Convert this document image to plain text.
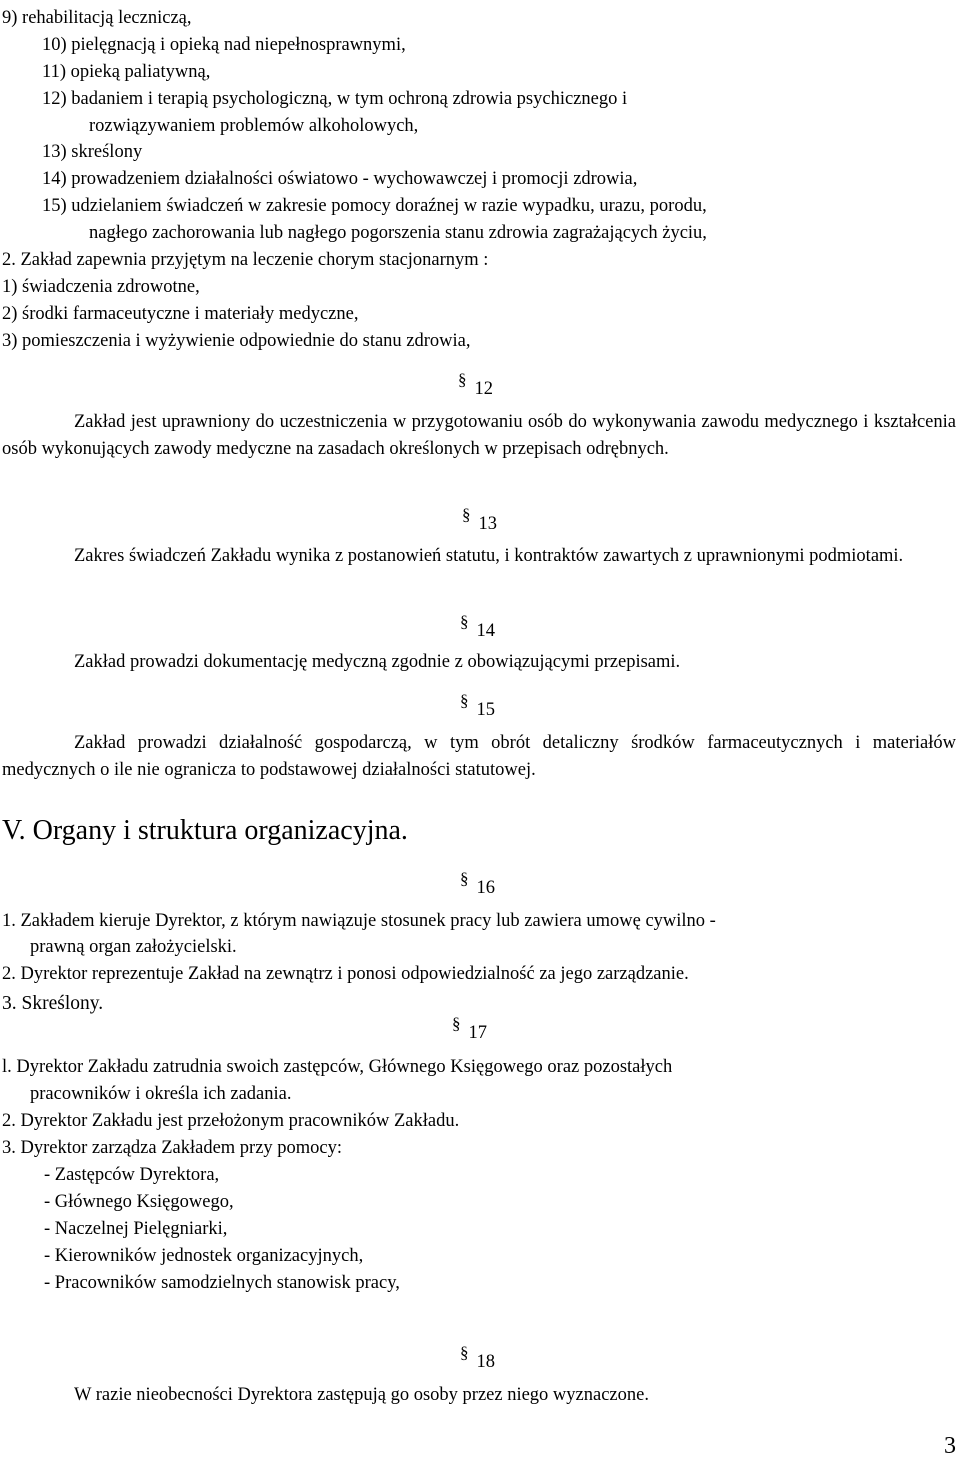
9) rehabilitacją leczniczą,

10) pielęgnacją i opieką nad niepełnosprawnymi,

11) opieką paliatywną,

12) badaniem i terapią psychologiczną, w tym ochroną zdrowia psychicznego i

rozwiązywaniem problemów alkoholowych,

13) skreślony

14) prowadzeniem działalności oświatowo - wychowawczej i promocji zdrowia,

15) udzielaniem świadczeń w zakresie pomocy doraźnej w razie wypadku, urazu, porodu,

nagłego zachorowania lub nagłego pogorszenia stanu zdrowia zagrażających życiu,

2. Zakład zapewnia przyjętym na leczenie chorym stacjonarnym :

1) świadczenia zdrowotne,

2) środki farmaceutyczne i materiały medyczne,

3) pomieszczenia i wyżywienie odpowiednie do stanu zdrowia,

§ 12

Zakład jest uprawniony do uczestniczenia w przygotowaniu osób do wykonywania zawodu medycznego i kształcenia osób wykonujących zawody medyczne na zasadach określonych w przepisach odrębnych.

§ 13

Zakres świadczeń Zakładu wynika z postanowień statutu, i kontraktów zawartych z uprawnionymi podmiotami.

§ 14

Zakład prowadzi dokumentację medyczną zgodnie z obowiązującymi przepisami.

§ 15

Zakład prowadzi działalność gospodarczą, w tym obrót detaliczny środków farmaceutycznych i materiałów medycznych o ile nie ogranicza to podstawowej działalności statutowej.

V. Organy i struktura organizacyjna.
§ 16

1. Zakładem kieruje Dyrektor, z którym nawiązuje stosunek pracy lub zawiera umowę cywilno -

prawną organ założycielski.

2. Dyrektor reprezentuje Zakład na zewnątrz i ponosi odpowiedzialność za jego zarządzanie.

3. Skreślony.

§ 17

l. Dyrektor Zakładu zatrudnia swoich zastępców, Głównego Księgowego oraz pozostałych

pracowników i określa ich zadania.

2. Dyrektor Zakładu jest przełożonym pracowników Zakładu.

3. Dyrektor zarządza Zakładem przy pomocy:

- Zastępców Dyrektora,

- Głównego Księgowego,

- Naczelnej Pielęgniarki,

- Kierowników jednostek organizacyjnych,

- Pracowników samodzielnych stanowisk pracy,

§ 18

W razie nieobecności Dyrektora zastępują go osoby przez niego wyznaczone.

3
